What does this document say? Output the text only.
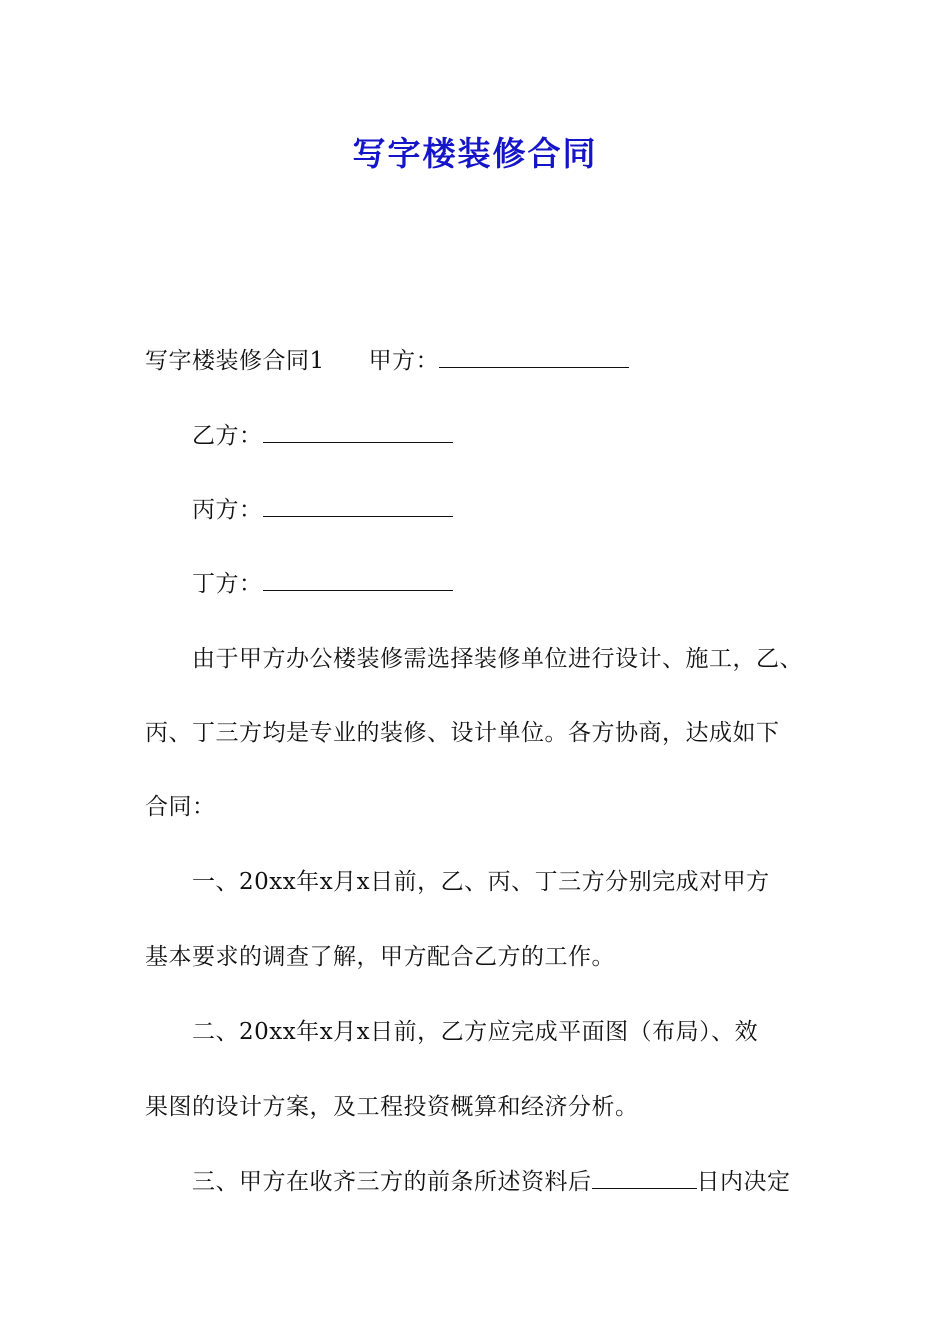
写字楼装修合同
写字楼装修合同1 甲方：
乙方：
丙方：
丁方：
由于甲方办公楼装修需选择装修单位进行设计、施工，乙、
丙、丁三方均是专业的装修、设计单位。各方协商，达成如下
合同：
一、20xx年x月x日前，乙、丙、丁三方分别完成对甲方
基本要求的调查了解，甲方配合乙方的工作。
二、20xx年x月x日前，乙方应完成平面图（布局）、效
果图的设计方案，及工程投资概算和经济分析。
三、甲方在收齐三方的前条所述资料后	日内决定
